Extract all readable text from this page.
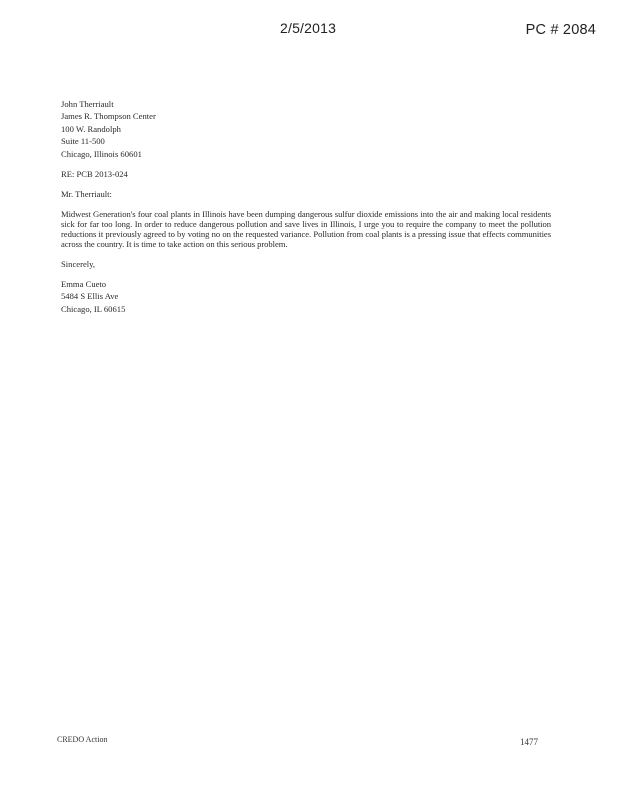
2/5/2013	PC # 2084
John Therriault
James R. Thompson Center
100 W. Randolph
Suite 11-500
Chicago, Illinois 60601
RE: PCB 2013-024
Mr. Therriault:
Midwest Generation's four coal plants in Illinois have been dumping dangerous sulfur dioxide emissions into the air and making local residents sick for far too long. In order to reduce dangerous pollution and save lives in Illinois, I urge you to require the company to meet the pollution reductions it previously agreed to by voting no on the requested variance. Pollution from coal plants is a pressing issue that effects communities across the country. It is time to take action on this serious problem.
Sincerely,
Emma Cueto
5484 S Ellis Ave
Chicago, IL 60615
CREDO Action	1477
